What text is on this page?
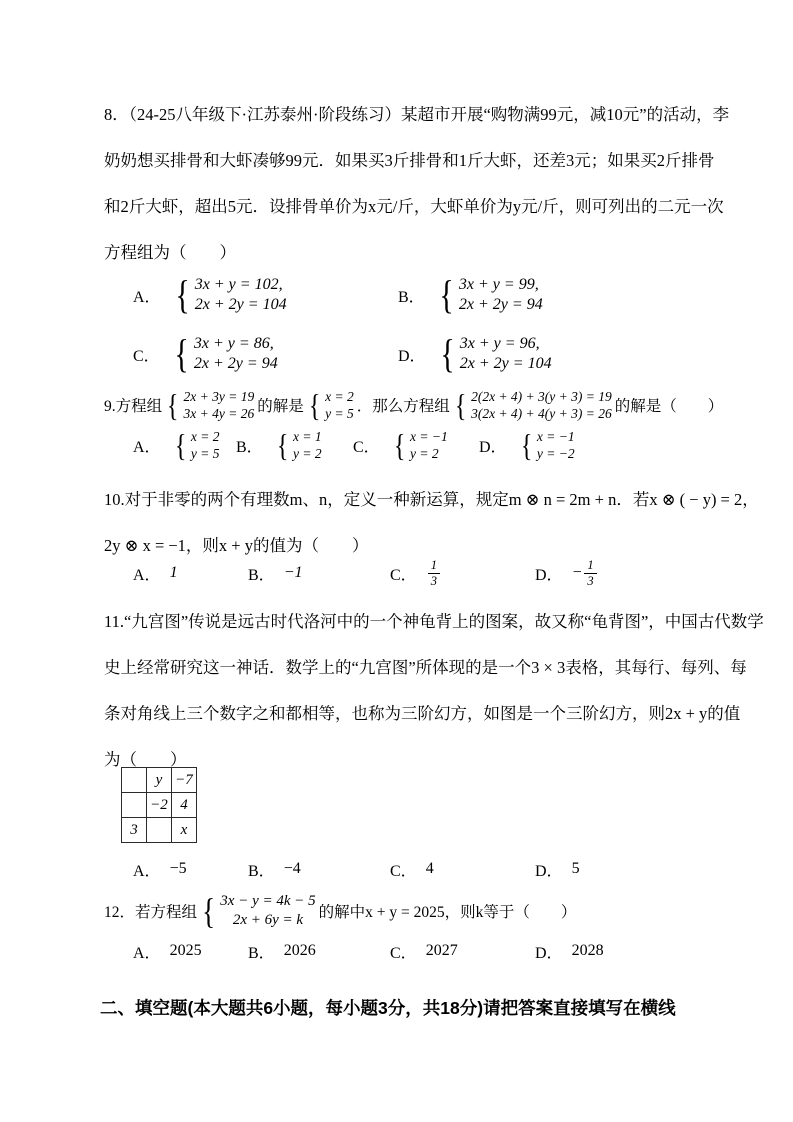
8．（24-25八年级下·江苏泰州·阶段练习）某超市开展“购物满99元，减10元”的活动，李
奶奶想买排骨和大虾凑够99元．如果买3斤排骨和1斤大虾，还差3元；如果买2斤排骨
和2斤大虾，超出5元．设排骨单价为x元/斤，大虾单价为y元/斤，则可列出的二元一次
方程组为（　　）
A．
{
3x + y = 102,
2x + 2y = 104	B．
{
3x + y = 99,
2x + 2y = 94
C．
{
3x + y = 86,
2x + 2y = 94	D．
{
3x + y = 96,
2x + 2y = 104
9.方程组
{
2x + 3y = 19
3x + 4y = 26 的解是
{
x = 2
y = 5 ．那么方程组
{
2(2x + 4) + 3(y + 3) = 19
3(2x + 4) + 4(y + 3) = 26 的解是（　　）
A．
{
x = 2
y = 5 B．
{
x = 1
y = 2 C．
{
x = −1
y = 2	D．
{
x = −1
y = −2
10.对于非零的两个有理数m、n，定义一种新运算，规定m ⊗ n = 2m + n．若x ⊗ ( − y) = 2，
2y ⊗ x = −1，则x + y的值为（　　）
A． 1	B． −1	C． $\frac{1}{3}$	D． − $\frac{1}{3}$
11.“九宫图”传说是远古时代洛河中的一个神龟背上的图案，故又称“龟背图”，中国古代数学
史上经常研究这一神话．数学上的“九宫图”所体现的是一个3 × 3表格，其每行、每列、每
条对角线上三个数字之和都相等，也称为三阶幻方，如图是一个三阶幻方，则2x + y的值
为（　　）
	y	−7
	−2	4
3		x
A． −5	B． −4	C． 4	D． 5
12．若方程组
{
3x − y = 4k − 5
2x + 6y = k 的解中x + y = 2025，则k等于（　　）
A． 2025	B． 2026	C． 2027	D． 2028
二、填空题(本大题共6小题，每小题3分，共18分)请把答案直接填写在横线
